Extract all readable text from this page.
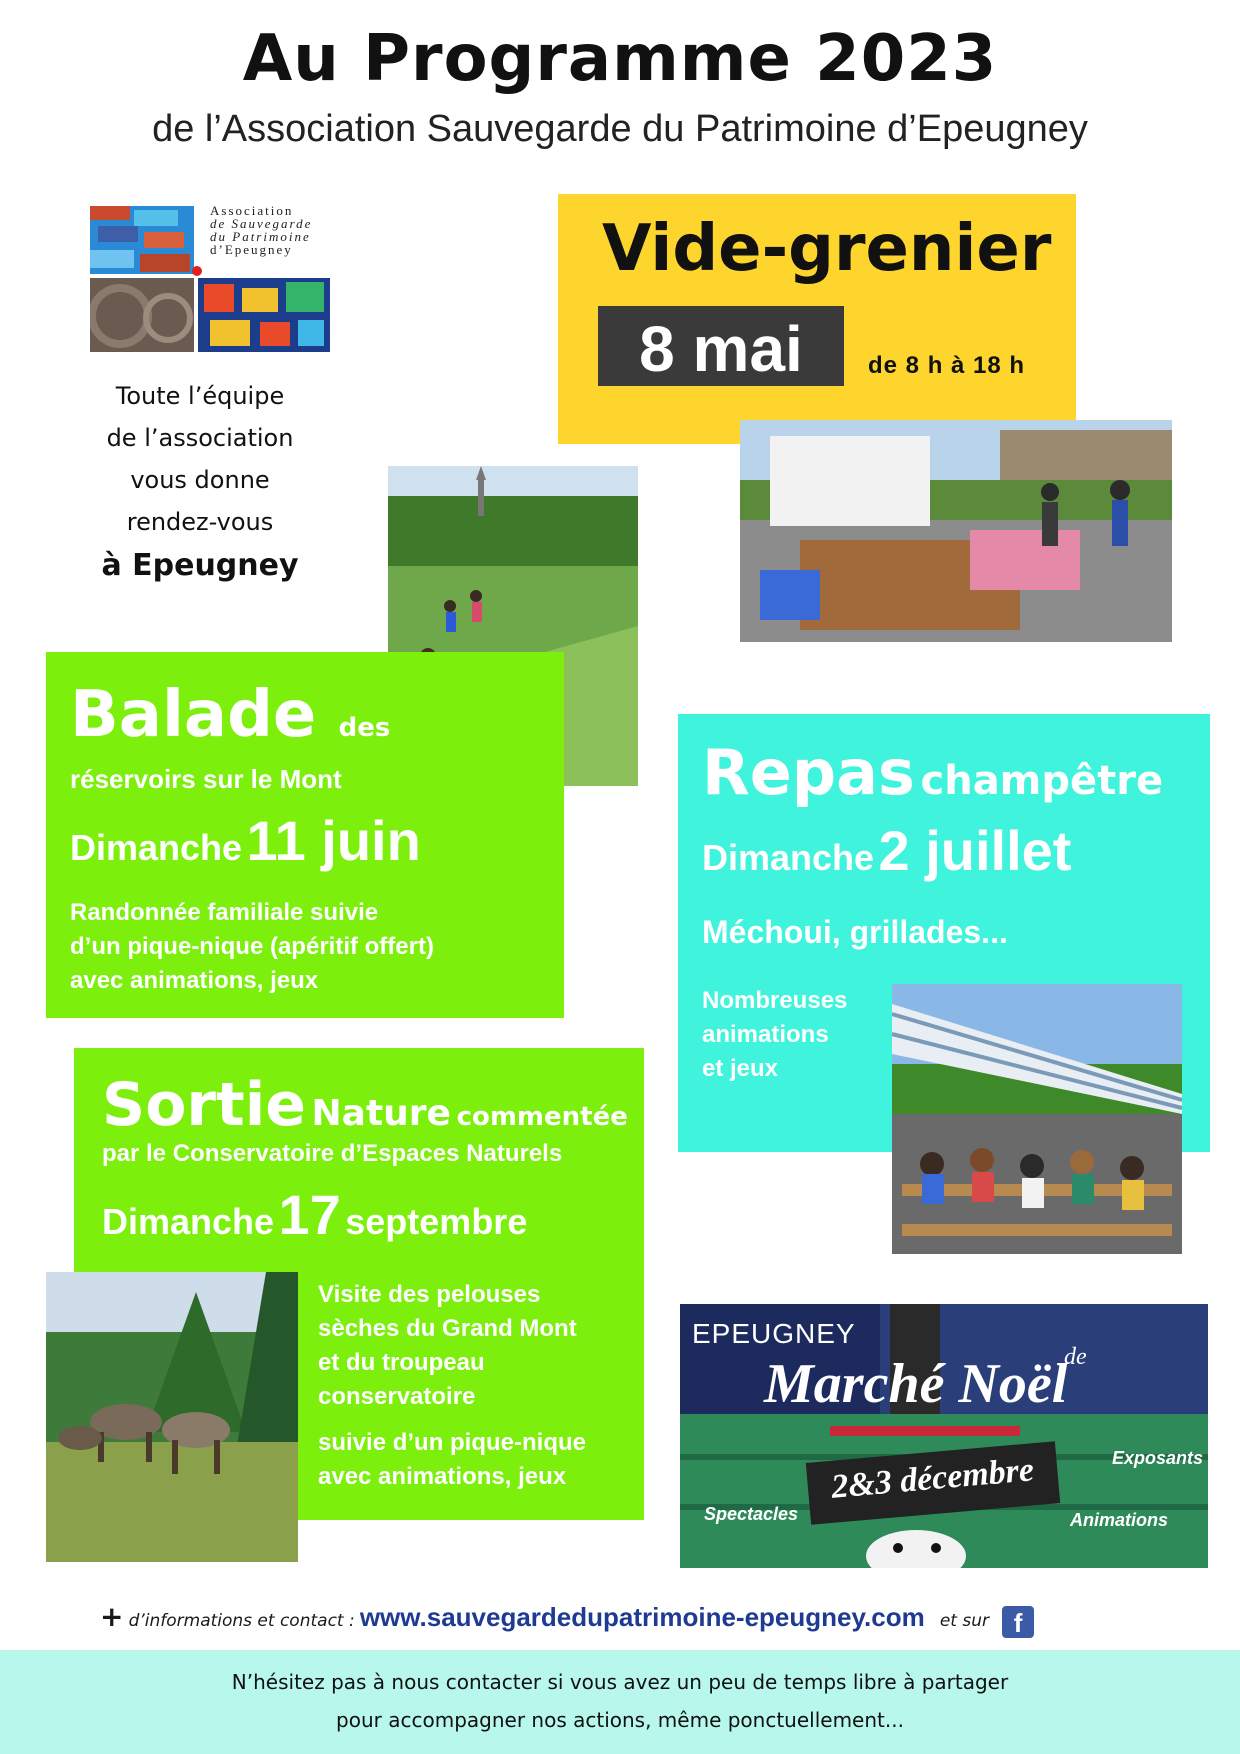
Au Programme 2023
de l’Association Sauvegarde du Patrimoine d’Epeugney
Association
de Sauvegarde
du Patrimoine
d’Epeugney
Toute l’équipe
de l’association
vous donne
rendez-vous
à Epeugney
Vide-grenier
8 mai	de 8 h à 18 h
Balade des
réservoirs sur le Mont
Dimanche 11 juin
Randonnée familiale suivie
d’un pique-nique (apéritif offert)
avec animations, jeux
Repas champêtre
Dimanche 2 juillet
Méchoui, grillades...
Nombreuses
animations
et jeux
Sortie Nature commentée
par le Conservatoire d’Espaces Naturels
Dimanche 17 septembre
Visite des pelouses
sèches du Grand Mont
et du troupeau
conservatoire
suivie d’un pique-nique
avec animations, jeux
EPEUGNEY
de
Marché Noël
2&3 décembre	Exposants
Spectacles	Animations
+ d’informations et contact : www.sauvegardedupatrimoine-epeugney.com et sur f
N’hésitez pas à nous contacter si vous avez un peu de temps libre à partager
pour accompagner nos actions, même ponctuellement...
